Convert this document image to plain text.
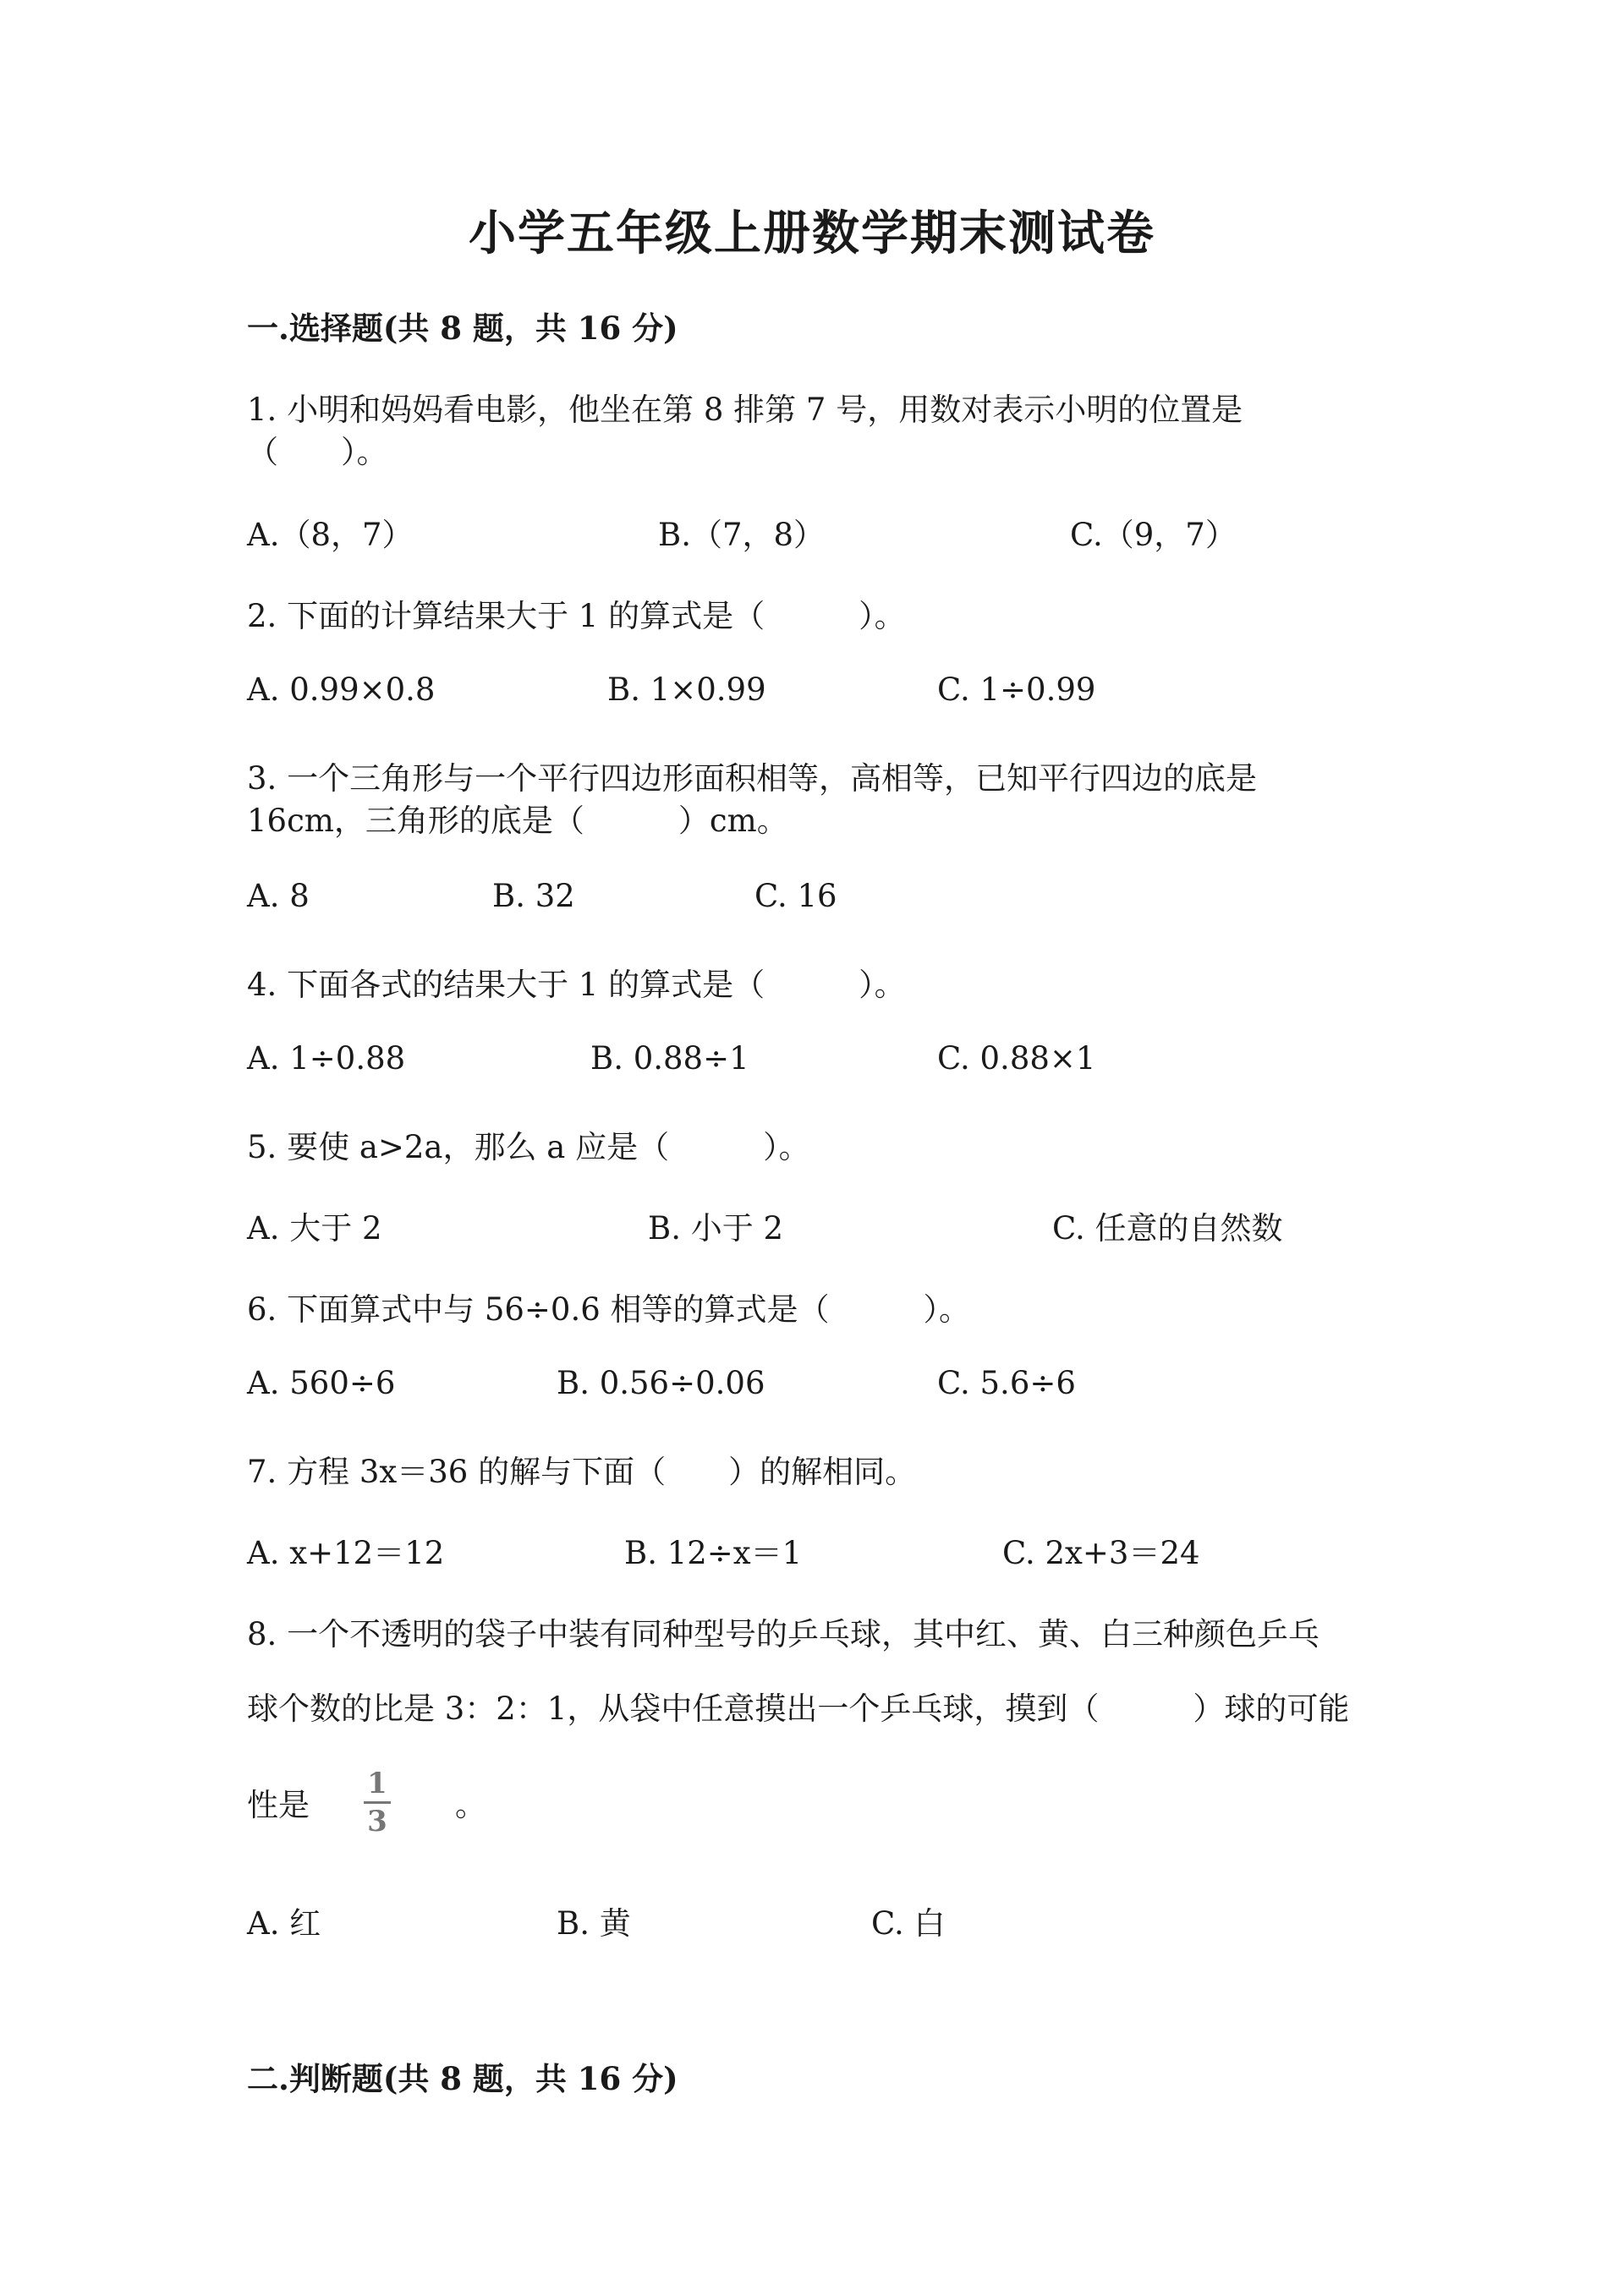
小学五年级上册数学期末测试卷
一.选择题(共 8 题，共 16 分)
1. 小明和妈妈看电影，他坐在第 8 排第 7 号，用数对表示小明的位置是
（　　）。
A.（8，7）	B.（7，8）	C.（9，7）
2. 下面的计算结果大于 1 的算式是（　　　）。
A. 0.99×0.8	B. 1×0.99	C. 1÷0.99
3. 一个三角形与一个平行四边形面积相等，高相等，已知平行四边的底是
16cm，三角形的底是（　　　）cm。
A. 8	B. 32	C. 16
4. 下面各式的结果大于 1 的算式是（　　　）。
A. 1÷0.88	B. 0.88÷1	C. 0.88×1
5. 要使 a>2a，那么 a 应是（　　　）。
A. 大于 2	B. 小于 2	C. 任意的自然数
6. 下面算式中与 56÷0.6 相等的算式是（　　　）。
A. 560÷6	B. 0.56÷0.06	C. 5.6÷6
7. 方程 3x＝36 的解与下面（　　）的解相同。
A. x+12＝12	B. 12÷x＝1	C. 2x+3＝24
8. 一个不透明的袋子中装有同种型号的乒乓球，其中红、黄、白三种颜色乒乓
球个数的比是 3：2：1，从袋中任意摸出一个乒乓球，摸到（　　　）球的可能
性是
1
3 。
A. 红	B. 黄	C. 白
二.判断题(共 8 题，共 16 分)
